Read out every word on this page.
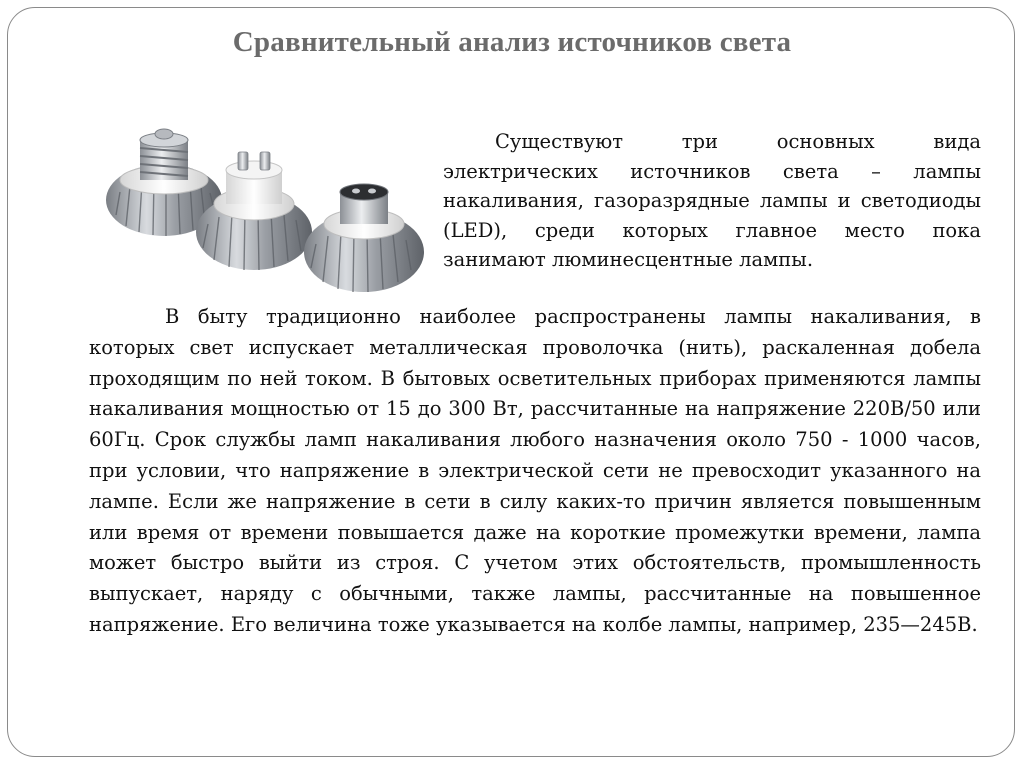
Сравнительный анализ источников света
Существуют три основных вида электрических источников света – лампы накаливания, газоразрядные лампы и светодиоды (LED), среди которых главное место пока занимают люминесцентные лампы.
В быту традиционно наиболее распространены лампы накаливания, в которых свет испускает металлическая проволочка (нить), раскаленная добела проходящим по ней током. В бытовых осветительных приборах применяются лампы накаливания мощностью от 15 до 300 Вт, рассчитанные на напряжение 220В/50 или 60Гц. Срок службы ламп накаливания любого назначения около 750 - 1000 часов, при условии, что напряжение в электрической сети не превосходит указанного на лампе. Если же напряжение в сети в силу каких-то причин является повышенным или время от времени повышается даже на короткие промежутки времени, лампа может быстро выйти из строя. С учетом этих обстоятельств, промышленность выпускает, наряду с обычными, также лампы, рассчитанные на повышенное напряжение. Его величина тоже указывается на колбе лампы, например, 235—245В.
